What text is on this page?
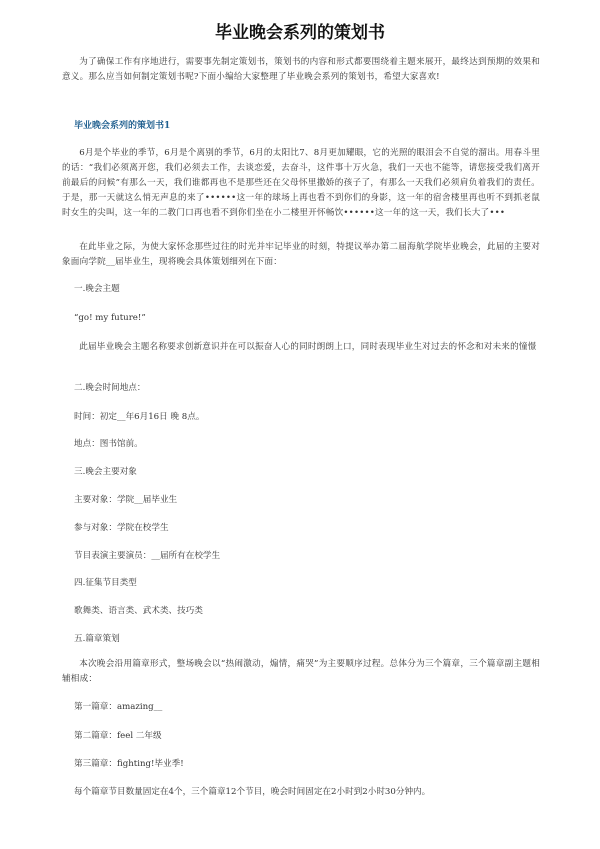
毕业晚会系列的策划书
为了确保工作有序地进行，需要事先制定策划书，策划书的内容和形式都要围绕着主题来展开，最终达到预期的效果和意义。那么应当如何制定策划书呢?下面小编给大家整理了毕业晚会系列的策划书，希望大家喜欢!
毕业晚会系列的策划书1
6月是个毕业的季节，6月是个离别的季节，6月的太阳比7、8月更加耀眼，它的光照的眼泪会不自觉的溜出。用春斗里的话：“我们必须离开您，我们必须去工作，去谈恋爱，去奋斗，这件事十万火急，我们一天也不能等，请您接受我们离开前最后的问候”有那么一天，我们谁都再也不是那些还在父母怀里撒娇的孩子了，有那么一天我们必须肩负着我们的责任。于是，那一天就这么悄无声息的来了••••••这一年的球场上再也看不到你们的身影，这一年的宿舍楼里再也听不到抓老鼠时女生的尖叫，这一年的二教门口再也看不到你们坐在小二楼里开怀畅饮••••••这一年的这一天，我们长大了•••
在此毕业之际，为使大家怀念那些过往的时光并牢记毕业的时刻，特提议举办第二届海航学院毕业晚会，此届的主要对象面向学院__届毕业生，现将晚会具体策划细列在下面：
一.晚会主题
“go! my future!”
此届毕业晚会主题名称要求创新意识并在可以振奋人心的同时朗朗上口，同时表现毕业生对过去的怀念和对未来的憧憬
二.晚会时间地点：
时间：初定__年6月16日 晚 8点。
地点：图书馆前。
三.晚会主要对象
主要对象：学院__届毕业生
参与对象：学院在校学生
节目表演主要演员：__届所有在校学生
四.征集节目类型
歌舞类、语言类、武术类、技巧类
五.篇章策划
本次晚会沿用篇章形式，整场晚会以“热闹激动，煽情，痛哭”为主要顺序过程。总体分为三个篇章，三个篇章副主题相辅相成：
第一篇章：amazing__
第二篇章：feel 二年级
第三篇章：fighting!毕业季!
每个篇章节目数量固定在4个，三个篇章12个节目，晚会时间固定在2小时到2小时30分钟内。
